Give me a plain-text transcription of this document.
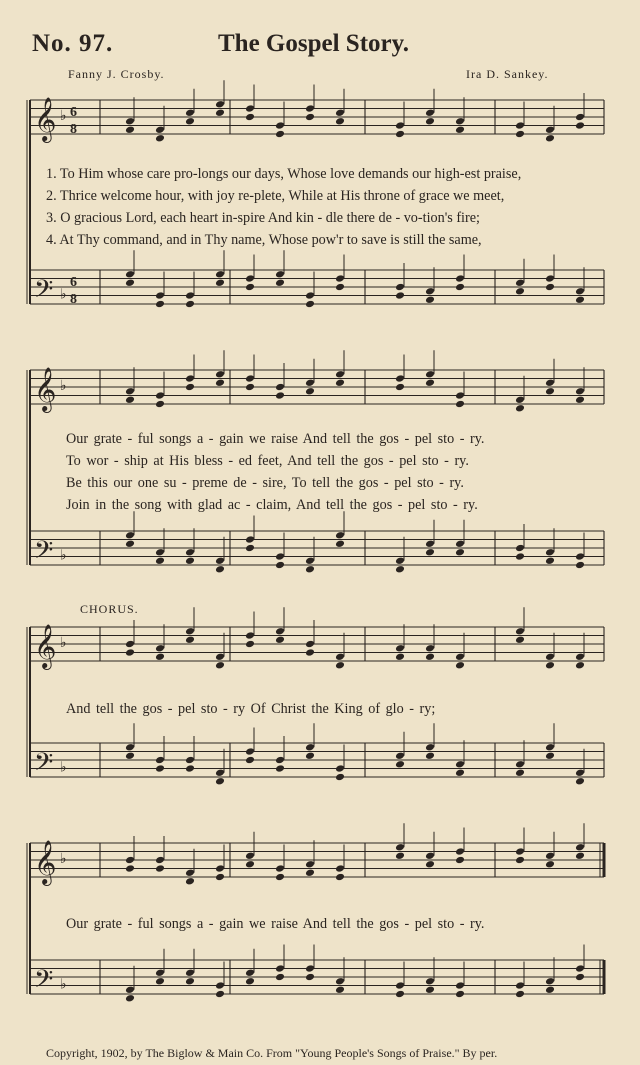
No. 97.	The Gospel Story.
Fanny J. Crosby.	Ira D. Sankey.
𝄞 ♭ 6
8
𝄢 ♭
6
8
𝄞 ♭
𝄢 ♭
𝄞 ♭
𝄢 ♭
𝄞 ♭
𝄢 ♭
1. To Him whose care pro-longs our days, Whose love demands our high-est praise,
2. Thrice welcome hour, with joy re-plete, While at His throne of grace we meet,
3. O gracious Lord, each heart in-spire And kin - dle there de - vo-tion's fire;
4. At Thy command, and in Thy name, Whose pow'r to save is still the same,
Our grate - ful songs a - gain we raise And tell the gos - pel sto - ry.
To wor - ship at His bless - ed feet, And tell the gos - pel sto - ry.
Be this our one su - preme de - sire, To tell the gos - pel sto - ry.
Join in the song with glad ac - claim, And tell the gos - pel sto - ry.
CHORUS.
And tell the gos - pel sto - ry Of Christ the King of glo - ry;
Our grate - ful songs a - gain we raise And tell the gos - pel sto - ry.
Copyright, 1902, by The Biglow & Main Co. From "Young People's Songs of Praise." By per.
